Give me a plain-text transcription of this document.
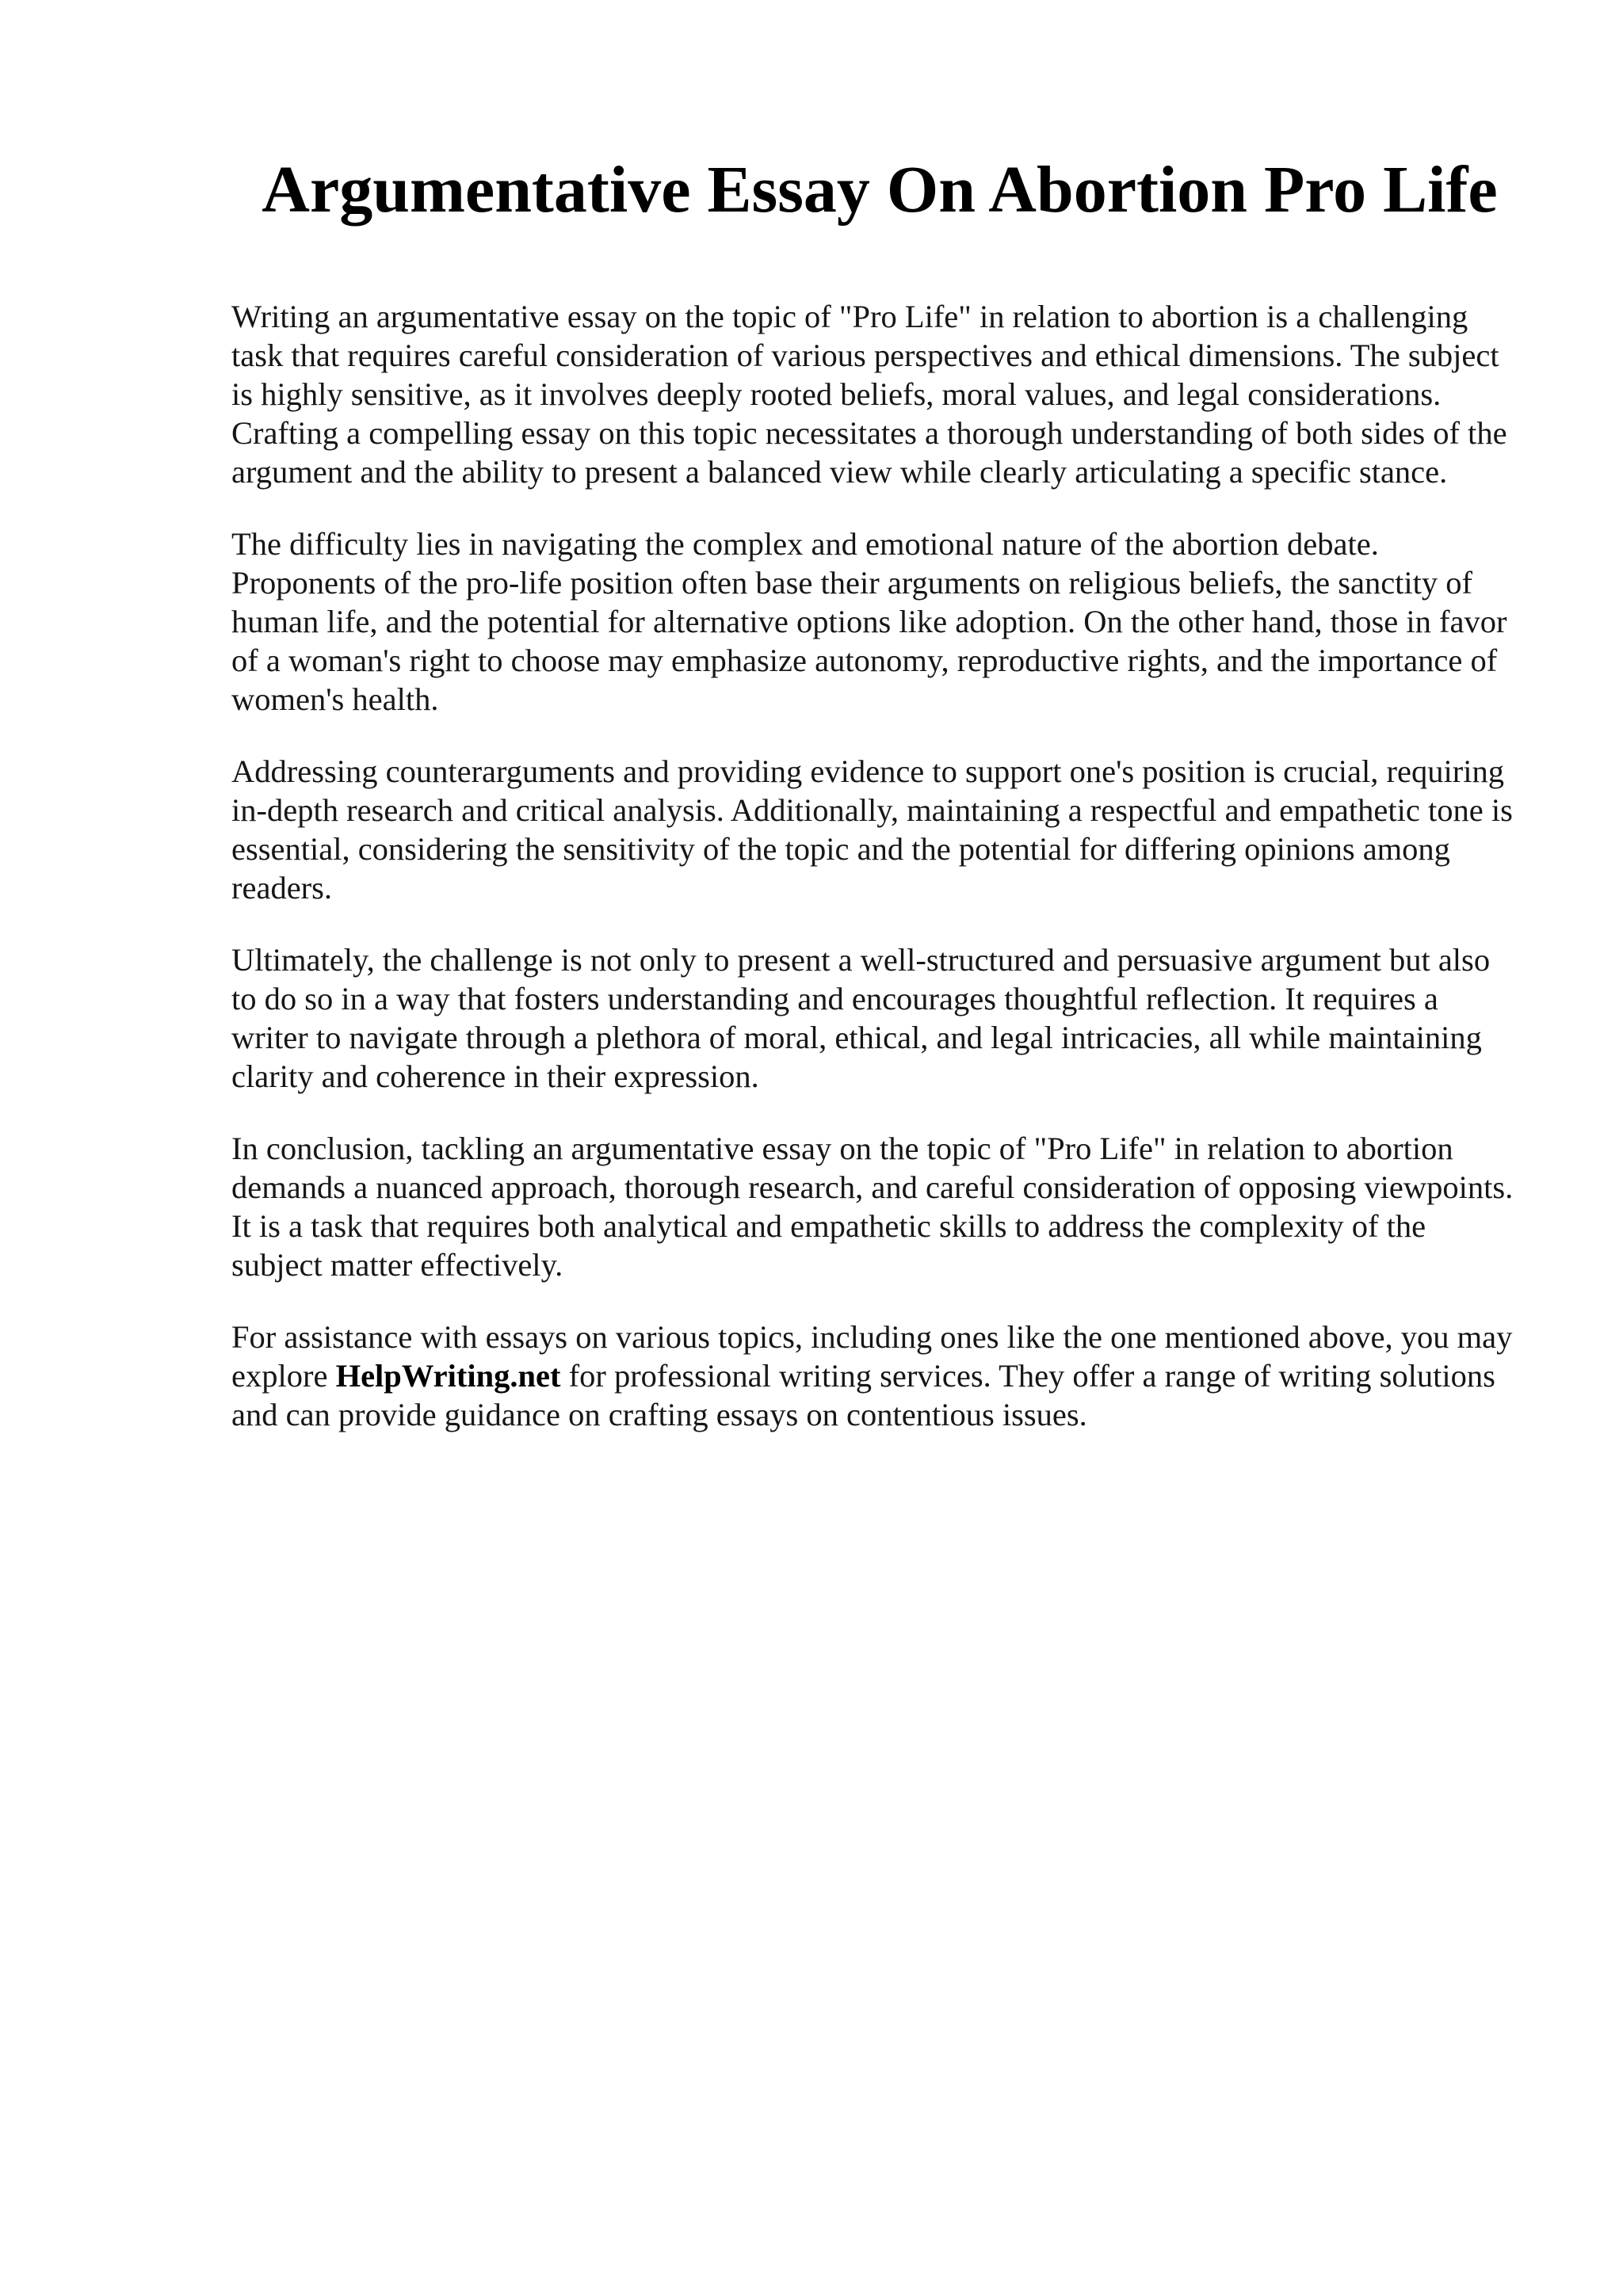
Argumentative Essay On Abortion Pro Life

Writing an argumentative essay on the topic of "Pro Life" in relation to abortion is a challenging task that requires careful consideration of various perspectives and ethical dimensions. The subject is highly sensitive, as it involves deeply rooted beliefs, moral values, and legal considerations. Crafting a compelling essay on this topic necessitates a thorough understanding of both sides of the argument and the ability to present a balanced view while clearly articulating a specific stance.

The difficulty lies in navigating the complex and emotional nature of the abortion debate. Proponents of the pro-life position often base their arguments on religious beliefs, the sanctity of human life, and the potential for alternative options like adoption. On the other hand, those in favor of a woman's right to choose may emphasize autonomy, reproductive rights, and the importance of women's health.

Addressing counterarguments and providing evidence to support one's position is crucial, requiring in-depth research and critical analysis. Additionally, maintaining a respectful and empathetic tone is essential, considering the sensitivity of the topic and the potential for differing opinions among readers.

Ultimately, the challenge is not only to present a well-structured and persuasive argument but also to do so in a way that fosters understanding and encourages thoughtful reflection. It requires a writer to navigate through a plethora of moral, ethical, and legal intricacies, all while maintaining clarity and coherence in their expression.

In conclusion, tackling an argumentative essay on the topic of "Pro Life" in relation to abortion demands a nuanced approach, thorough research, and careful consideration of opposing viewpoints. It is a task that requires both analytical and empathetic skills to address the complexity of the subject matter effectively.

For assistance with essays on various topics, including ones like the one mentioned above, you may explore HelpWriting.net for professional writing services. They offer a range of writing solutions and can provide guidance on crafting essays on contentious issues.
